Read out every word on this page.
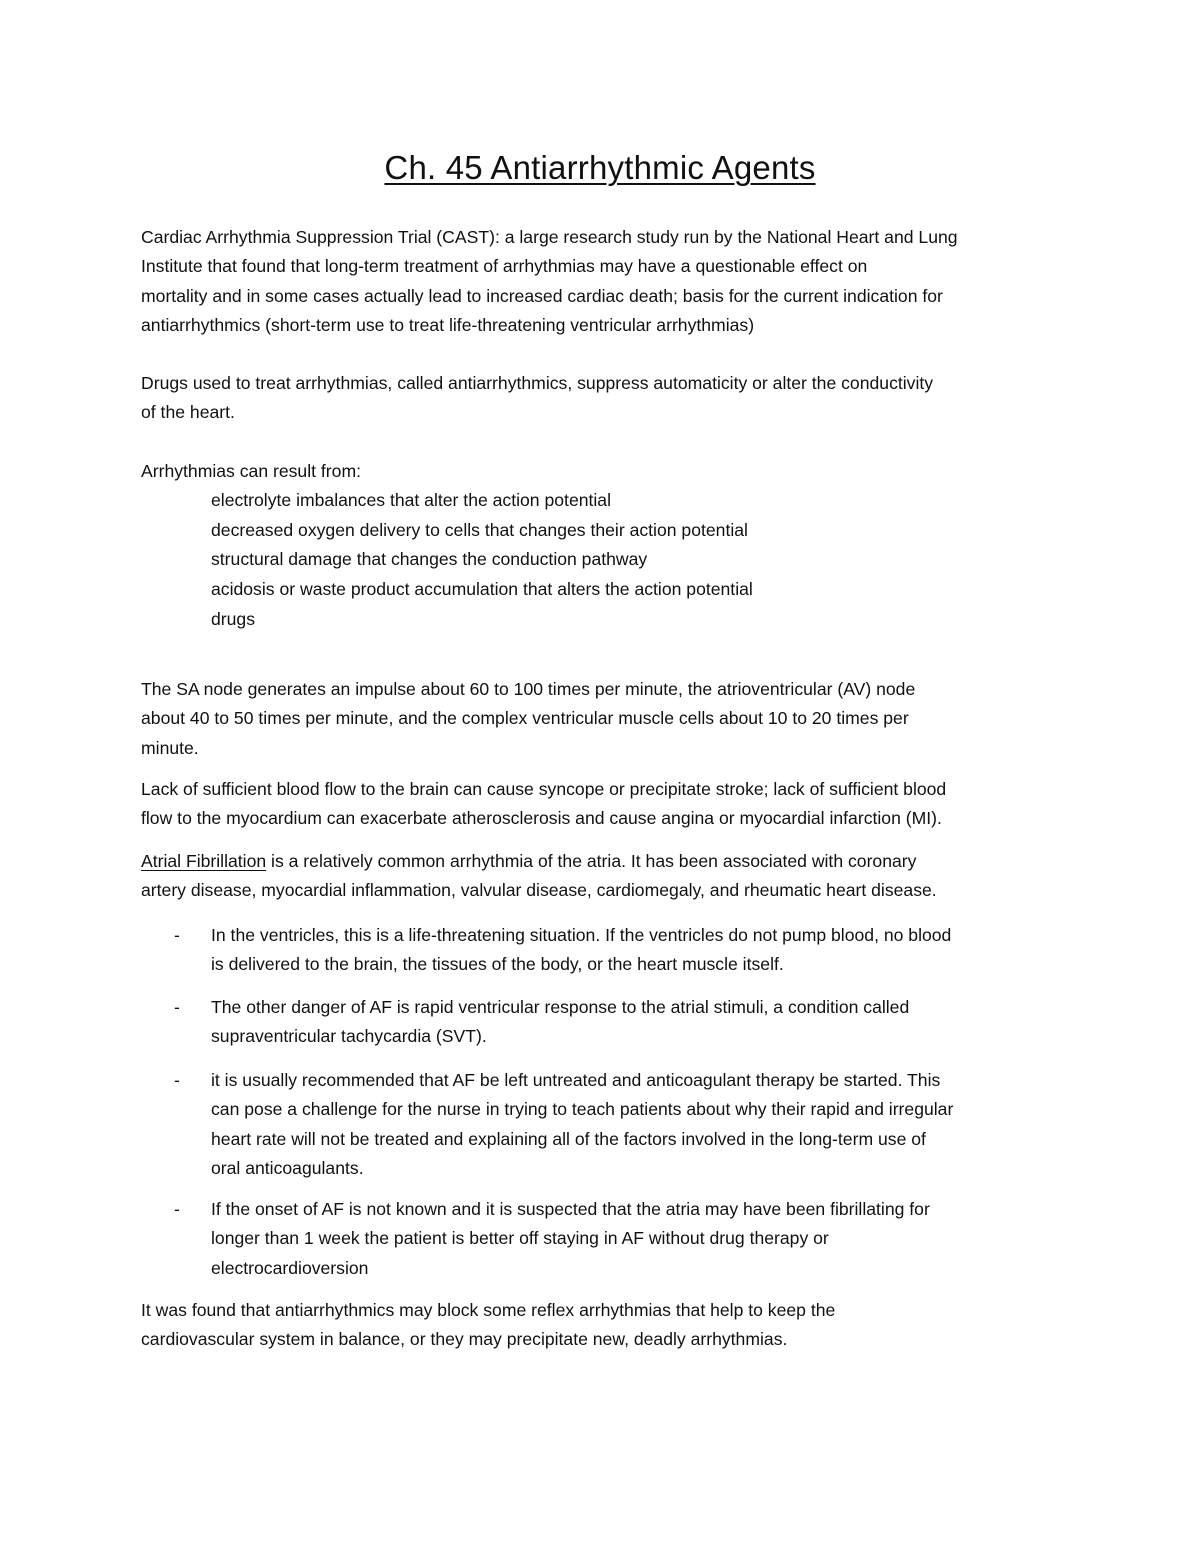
Ch. 45 Antiarrhythmic Agents

Cardiac Arrhythmia Suppression Trial (CAST): a large research study run by the National Heart and Lung
Institute that found that long-term treatment of arrhythmias may have a questionable effect on
mortality and in some cases actually lead to increased cardiac death; basis for the current indication for
antiarrhythmics (short-term use to treat life-threatening ventricular arrhythmias)

Drugs used to treat arrhythmias, called antiarrhythmics, suppress automaticity or alter the conductivity
of the heart.

Arrhythmias can result from:

electrolyte imbalances that alter the action potential
decreased oxygen delivery to cells that changes their action potential
structural damage that changes the conduction pathway
acidosis or waste product accumulation that alters the action potential
drugs

The SA node generates an impulse about 60 to 100 times per minute, the atrioventricular (AV) node
about 40 to 50 times per minute, and the complex ventricular muscle cells about 10 to 20 times per
minute.

Lack of sufficient blood flow to the brain can cause syncope or precipitate stroke; lack of sufficient blood
flow to the myocardium can exacerbate atherosclerosis and cause angina or myocardial infarction (MI).

Atrial Fibrillation is a relatively common arrhythmia of the atria. It has been associated with coronary
artery disease, myocardial inflammation, valvular disease, cardiomegaly, and rheumatic heart disease.

- In the ventricles, this is a life-threatening situation. If the ventricles do not pump blood, no blood
is delivered to the brain, the tissues of the body, or the heart muscle itself.
- The other danger of AF is rapid ventricular response to the atrial stimuli, a condition called
supraventricular tachycardia (SVT).
- it is usually recommended that AF be left untreated and anticoagulant therapy be started. This
can pose a challenge for the nurse in trying to teach patients about why their rapid and irregular
heart rate will not be treated and explaining all of the factors involved in the long-term use of
oral anticoagulants.
- If the onset of AF is not known and it is suspected that the atria may have been fibrillating for
longer than 1 week the patient is better off staying in AF without drug therapy or
electrocardioversion

It was found that antiarrhythmics may block some reflex arrhythmias that help to keep the
cardiovascular system in balance, or they may precipitate new, deadly arrhythmias.
